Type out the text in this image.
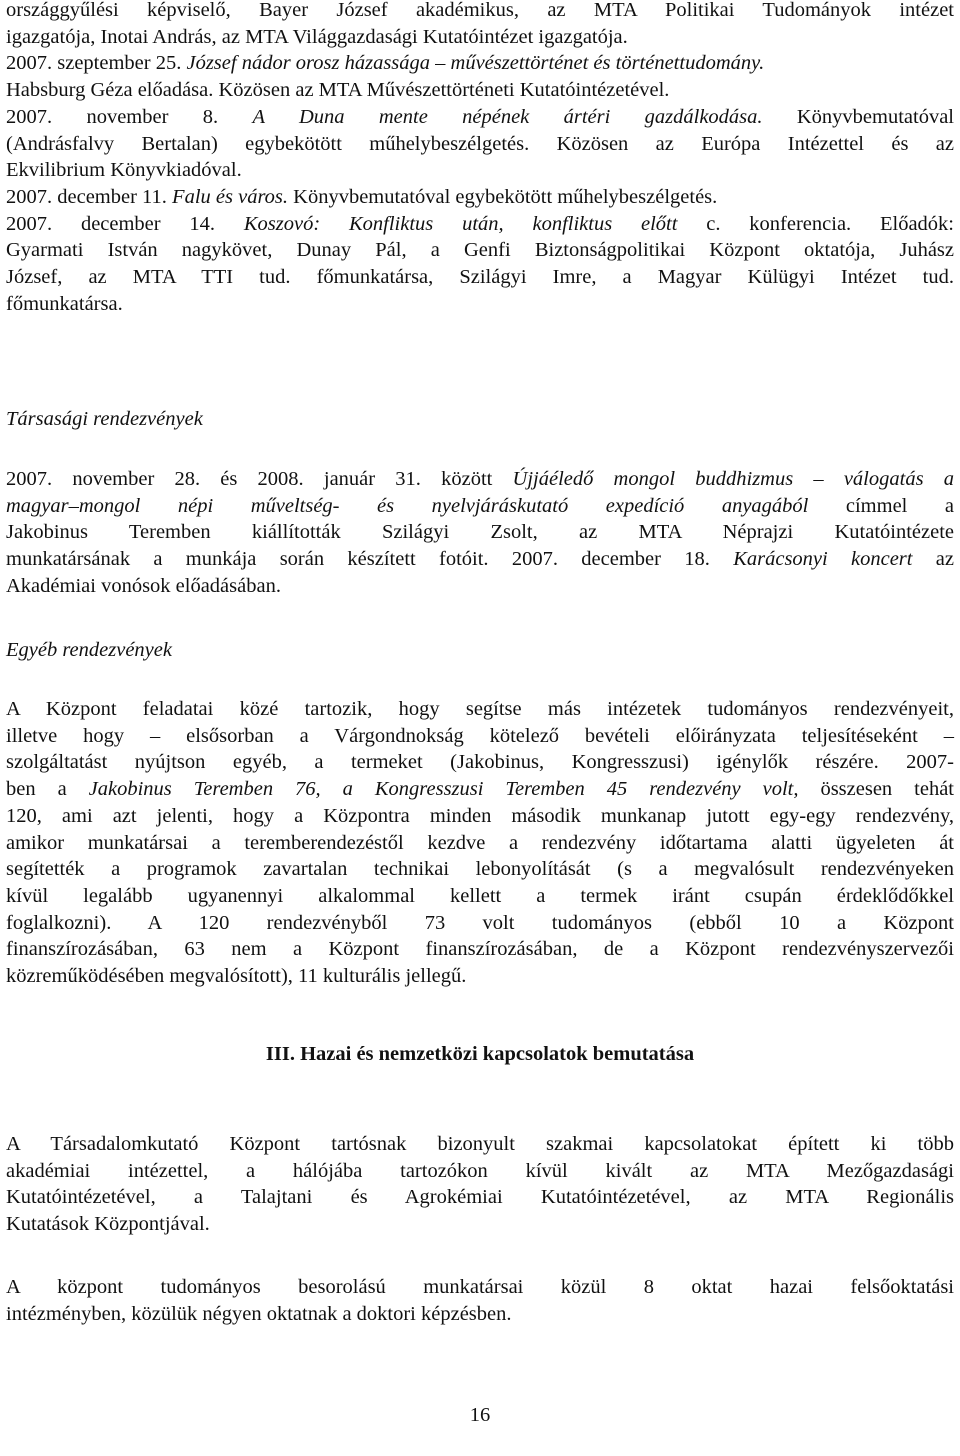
országgyűlési képviselő, Bayer József akadémikus, az MTA Politikai Tudományok intézet
igazgatója, Inotai András, az MTA Világgazdasági Kutatóintézet igazgatója.
2007. szeptember 25. József nádor orosz házassága – művészettörténet és történettudomány.
Habsburg Géza előadása. Közösen az MTA Művészettörténeti Kutatóintézetével.
2007. november 8. A Duna mente népének ártéri gazdálkodása. Könyvbemutatóval
(Andrásfalvy Bertalan) egybekötött műhelybeszélgetés. Közösen az Európa Intézettel és az
Ekvilibrium Könyvkiadóval.
2007. december 11. Falu és város. Könyvbemutatóval egybekötött műhelybeszélgetés.
2007. december 14. Koszovó: Konfliktus után, konfliktus előtt c. konferencia. Előadók:
Gyarmati István nagykövet, Dunay Pál, a Genfi Biztonságpolitikai Központ oktatója, Juhász
József, az MTA TTI tud. főmunkatársa, Szilágyi Imre, a Magyar Külügyi Intézet tud.
főmunkatársa.
Társasági rendezvények
2007. november 28. és 2008. január 31. között Újjáéledő mongol buddhizmus – válogatás a
magyar–mongol népi műveltség- és nyelvjáráskutató expedíció anyagából címmel a
Jakobinus Teremben kiállították Szilágyi Zsolt, az MTA Néprajzi Kutatóintézete
munkatársának a munkája során készített fotóit. 2007. december 18. Karácsonyi koncert az
Akadémiai vonósok előadásában.
Egyéb rendezvények
A Központ feladatai közé tartozik, hogy segítse más intézetek tudományos rendezvényeit,
illetve hogy – elsősorban a Várgondnokság kötelező bevételi előirányzata teljesítéseként –
szolgáltatást nyújtson egyéb, a termeket (Jakobinus, Kongresszusi) igénylők részére. 2007-
ben a Jakobinus Teremben 76, a Kongresszusi Teremben 45 rendezvény volt, összesen tehát
120, ami azt jelenti, hogy a Központra minden második munkanap jutott egy-egy rendezvény,
amikor munkatársai a teremberendezéstől kezdve a rendezvény időtartama alatti ügyeleten át
segítették a programok zavartalan technikai lebonyolítását (s a megvalósult rendezvényeken
kívül legalább ugyanennyi alkalommal kellett a termek iránt csupán érdeklődőkkel
foglalkozni). A 120 rendezvényből 73 volt tudományos (ebből 10 a Központ
finanszírozásában, 63 nem a Központ finanszírozásában, de a Központ rendezvényszervezői
közreműködésében megvalósított), 11 kulturális jellegű.
III. Hazai és nemzetközi kapcsolatok bemutatása
A Társadalomkutató Központ tartósnak bizonyult szakmai kapcsolatokat épített ki több
akadémiai intézettel, a hálójába tartozókon kívül kivált az MTA Mezőgazdasági
Kutatóintézetével, a Talajtani és Agrokémiai Kutatóintézetével, az MTA Regionális
Kutatások Központjával.
A központ tudományos besorolású munkatársai közül 8 oktat hazai felsőoktatási
intézményben, közülük négyen oktatnak a doktori képzésben.
16
